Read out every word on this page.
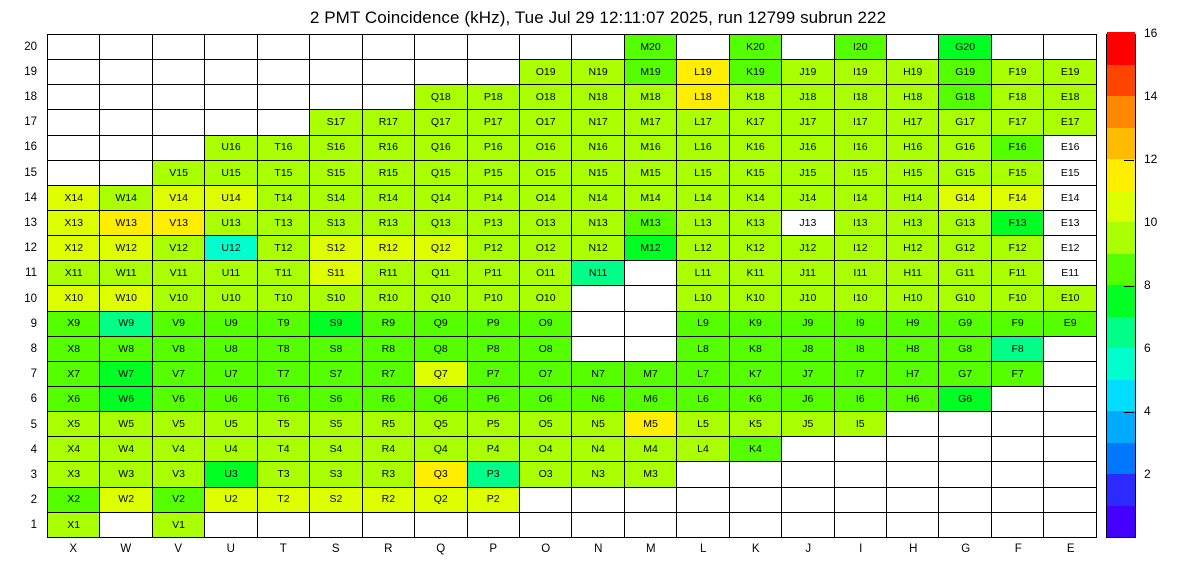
2 PMT Coincidence (kHz), Tue Jul 29 12:11:07 2025, run 12799 subrun 222
20
19
18
17
16
15
14
13
12
11
10
9
8
7
6
5
4
3
2
1
											M20		K20		I20		G20		
									O19	N19	M19	L19	K19	J19	I19	H19	G19	F19	E19
							Q18	P18	O18	N18	M18	L18	K18	J18	I18	H18	G18	F18	E18
					S17	R17	Q17	P17	O17	N17	M17	L17	K17	J17	I17	H17	G17	F17	E17
			U16	T16	S16	R16	Q16	P16	O16	N16	M16	L16	K16	J16	I16	H16	G16	F16	E16
		V15	U15	T15	S15	R15	Q15	P15	O15	N15	M15	L15	K15	J15	I15	H15	G15	F15	E15
X14	W14	V14	U14	T14	S14	R14	Q14	P14	O14	N14	M14	L14	K14	J14	I14	H14	G14	F14	E14
X13	W13	V13	U13	T13	S13	R13	Q13	P13	O13	N13	M13	L13	K13	J13	I13	H13	G13	F13	E13
X12	W12	V12	U12	T12	S12	R12	Q12	P12	O12	N12	M12	L12	K12	J12	I12	H12	G12	F12	E12
X11	W11	V11	U11	T11	S11	R11	Q11	P11	O11	N11		L11	K11	J11	I11	H11	G11	F11	E11
X10	W10	V10	U10	T10	S10	R10	Q10	P10	O10			L10	K10	J10	I10	H10	G10	F10	E10
X9	W9	V9	U9	T9	S9	R9	Q9	P9	O9			L9	K9	J9	I9	H9	G9	F9	E9
X8	W8	V8	U8	T8	S8	R8	Q8	P8	O8			L8	K8	J8	I8	H8	G8	F8	
X7	W7	V7	U7	T7	S7	R7	Q7	P7	O7	N7	M7	L7	K7	J7	I7	H7	G7	F7	
X6	W6	V6	U6	T6	S6	R6	Q6	P6	O6	N6	M6	L6	K6	J6	I6	H6	G6		
X5	W5	V5	U5	T5	S5	R5	Q5	P5	O5	N5	M5	L5	K5	J5	I5				
X4	W4	V4	U4	T4	S4	R4	Q4	P4	O4	N4	M4	L4	K4						
X3	W3	V3	U3	T3	S3	R3	Q3	P3	O3	N3	M3								
X2	W2	V2	U2	T2	S2	R2	Q2	P2											
X1		V1																	
X	W	V	U	T	S	R	Q	P	O	N	M	L	K	J	I	H	G	F	E
2
4
6
8
10
12
14
16
